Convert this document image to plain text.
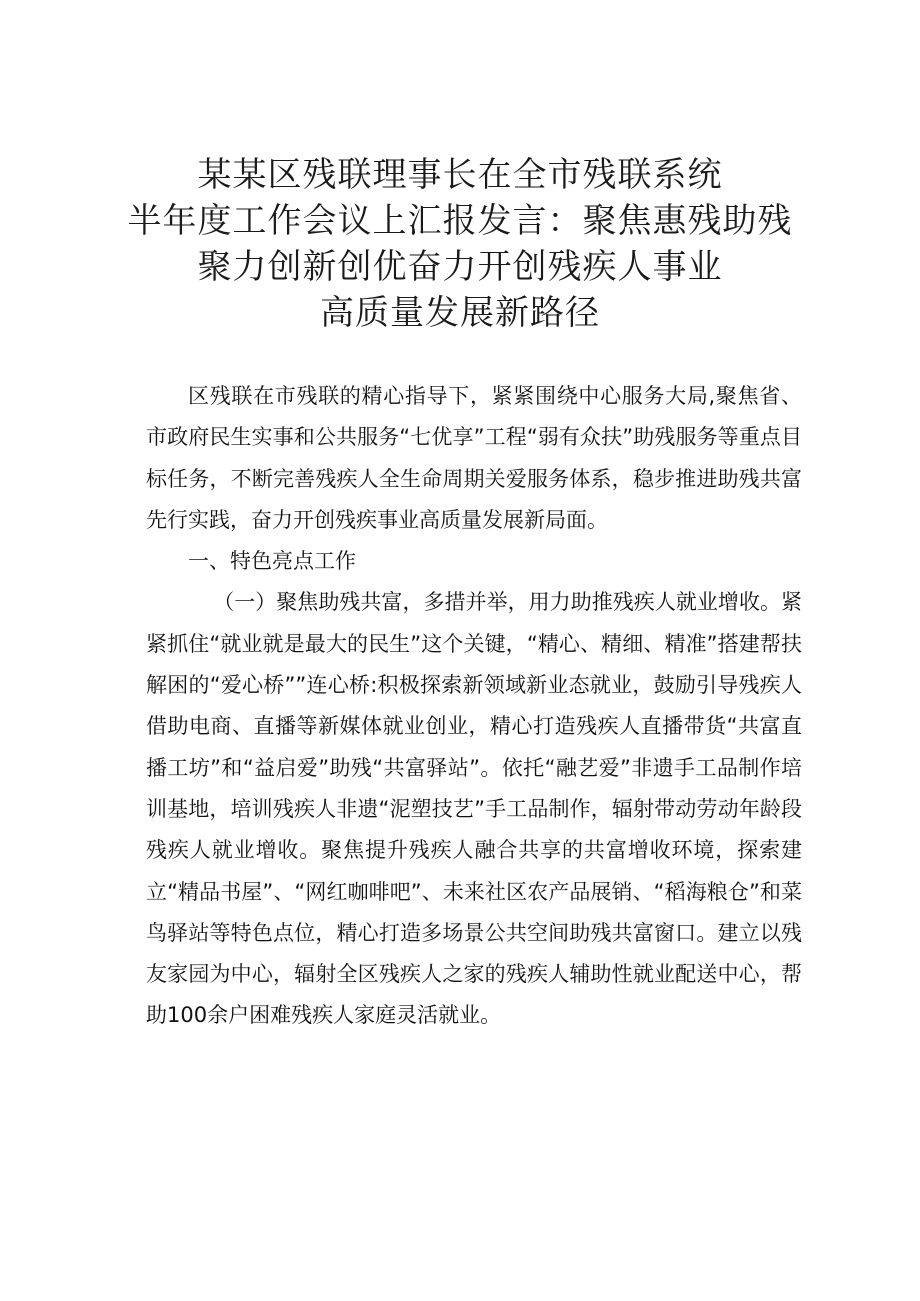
某某区残联理事长在全市残联系统
半年度工作会议上汇报发言：聚焦惠残助残
聚力创新创优奋力开创残疾人事业
高质量发展新路径

区残联在市残联的精心指导下，紧紧围绕中心服务大局,聚焦省、市政府民生实事和公共服务“七优享”工程“弱有众扶”助残服务等重点目标任务，不断完善残疾人全生命周期关爱服务体系，稳步推进助残共富先行实践，奋力开创残疾事业高质量发展新局面。

一、特色亮点工作

（一）聚焦助残共富，多措并举，用力助推残疾人就业增收。紧紧抓住“就业就是最大的民生”这个关键，“精心、精细、精准”搭建帮扶解困的“爱心桥””连心桥:积极探索新领域新业态就业，鼓励引导残疾人借助电商、直播等新媒体就业创业，精心打造残疾人直播带货“共富直播工坊”和“益启爱”助残“共富驿站”。依托“融艺爱”非遗手工品制作培训基地，培训残疾人非遗“泥塑技艺”手工品制作，辐射带动劳动年龄段残疾人就业增收。聚焦提升残疾人融合共享的共富增收环境，探索建立“精品书屋”、“网红咖啡吧”、未来社区农产品展销、“稻海粮仓”和菜鸟驿站等特色点位，精心打造多场景公共空间助残共富窗口。建立以残友家园为中心，辐射全区残疾人之家的残疾人辅助性就业配送中心，帮助100余户困难残疾人家庭灵活就业。
